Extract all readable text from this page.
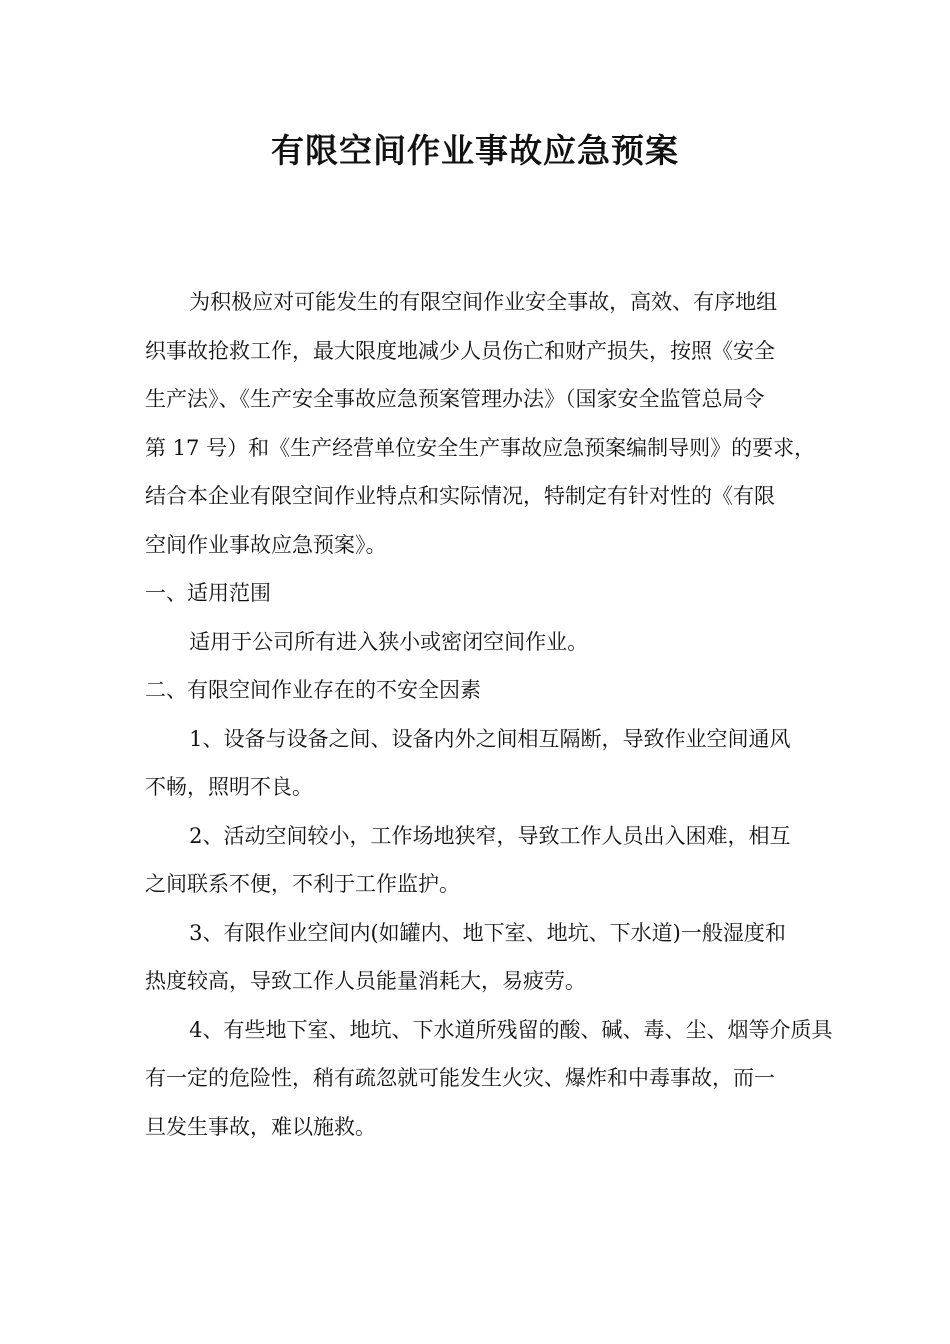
有限空间作业事故应急预案

为积极应对可能发生的有限空间作业安全事故，高效、有序地组
织事故抢救工作，最大限度地减少人员伤亡和财产损失，按照《安全
生产法》、《生产安全事故应急预案管理办法》（国家安全监管总局令
第 17 号）和《生产经营单位安全生产事故应急预案编制导则》的要求，
结合本企业有限空间作业特点和实际情况，特制定有针对性的《有限
空间作业事故应急预案》。

一、适用范围

适用于公司所有进入狭小或密闭空间作业。

二、有限空间作业存在的不安全因素

1、设备与设备之间、设备内外之间相互隔断，导致作业空间通风
不畅，照明不良。

2、活动空间较小，工作场地狭窄，导致工作人员出入困难，相互
之间联系不便，不利于工作监护。

3、有限作业空间内(如罐内、地下室、地坑、下水道)一般湿度和
热度较高，导致工作人员能量消耗大，易疲劳。

4、有些地下室、地坑、下水道所残留的酸、碱、毒、尘、烟等介质具
有一定的危险性，稍有疏忽就可能发生火灾、爆炸和中毒事故，而一
旦发生事故，难以施救。
